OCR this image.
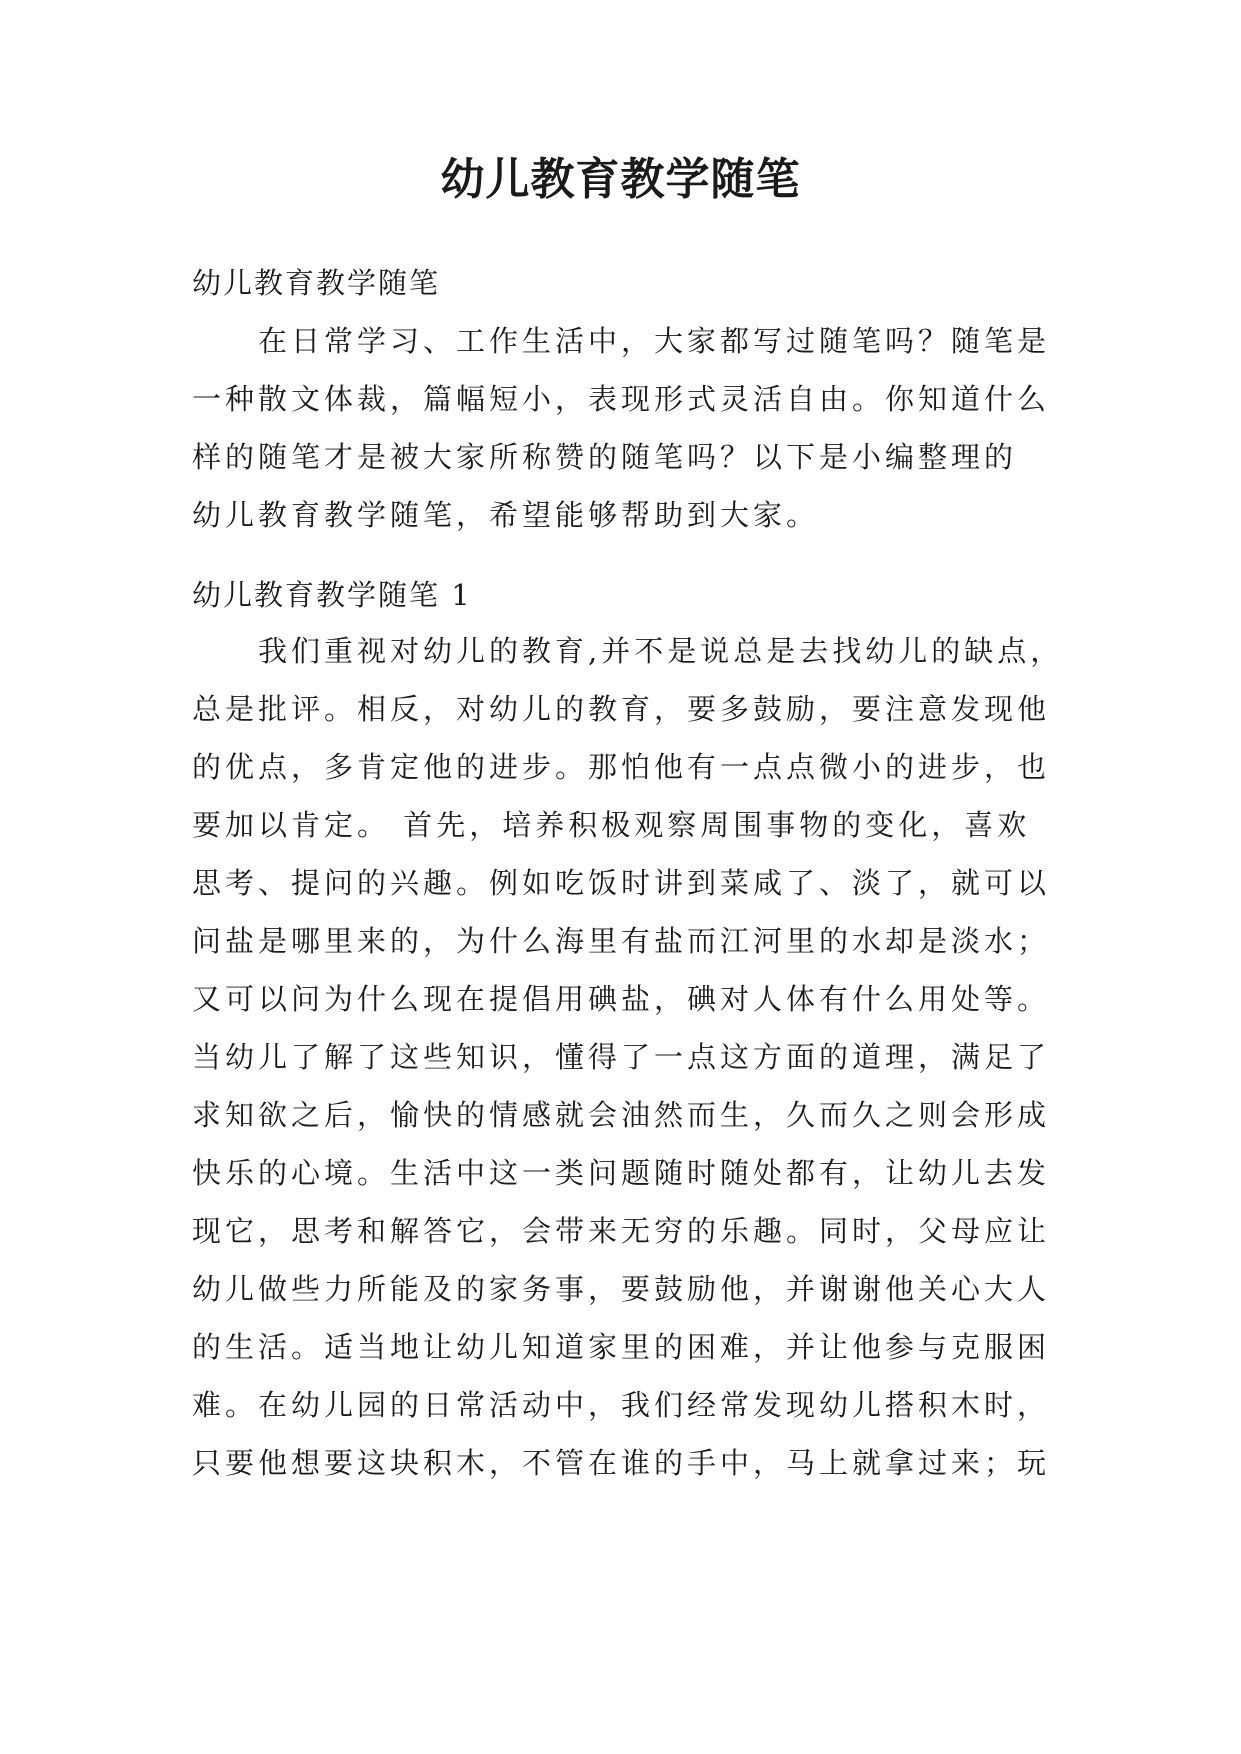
幼儿教育教学随笔

幼儿教育教学随笔

　　在日常学习、工作生活中，大家都写过随笔吗？随笔是
一种散文体裁，篇幅短小，表现形式灵活自由。你知道什么
样的随笔才是被大家所称赞的随笔吗？以下是小编整理的
幼儿教育教学随笔，希望能够帮助到大家。

幼儿教育教学随笔 1

　　我们重视对幼儿的教育,并不是说总是去找幼儿的缺点，
总是批评。相反，对幼儿的教育，要多鼓励，要注意发现他
的优点，多肯定他的进步。那怕他有一点点微小的进步，也
要加以肯定。 首先，培养积极观察周围事物的变化，喜欢
思考、提问的兴趣。例如吃饭时讲到菜咸了、淡了，就可以
问盐是哪里来的，为什么海里有盐而江河里的水却是淡水；
又可以问为什么现在提倡用碘盐，碘对人体有什么用处等。
当幼儿了解了这些知识，懂得了一点这方面的道理，满足了
求知欲之后，愉快的情感就会油然而生，久而久之则会形成
快乐的心境。生活中这一类问题随时随处都有，让幼儿去发
现它，思考和解答它，会带来无穷的乐趣。同时，父母应让
幼儿做些力所能及的家务事，要鼓励他，并谢谢他关心大人
的生活。适当地让幼儿知道家里的困难，并让他参与克服困
难。在幼儿园的日常活动中，我们经常发现幼儿搭积木时，
只要他想要这块积木，不管在谁的手中，马上就拿过来；玩
